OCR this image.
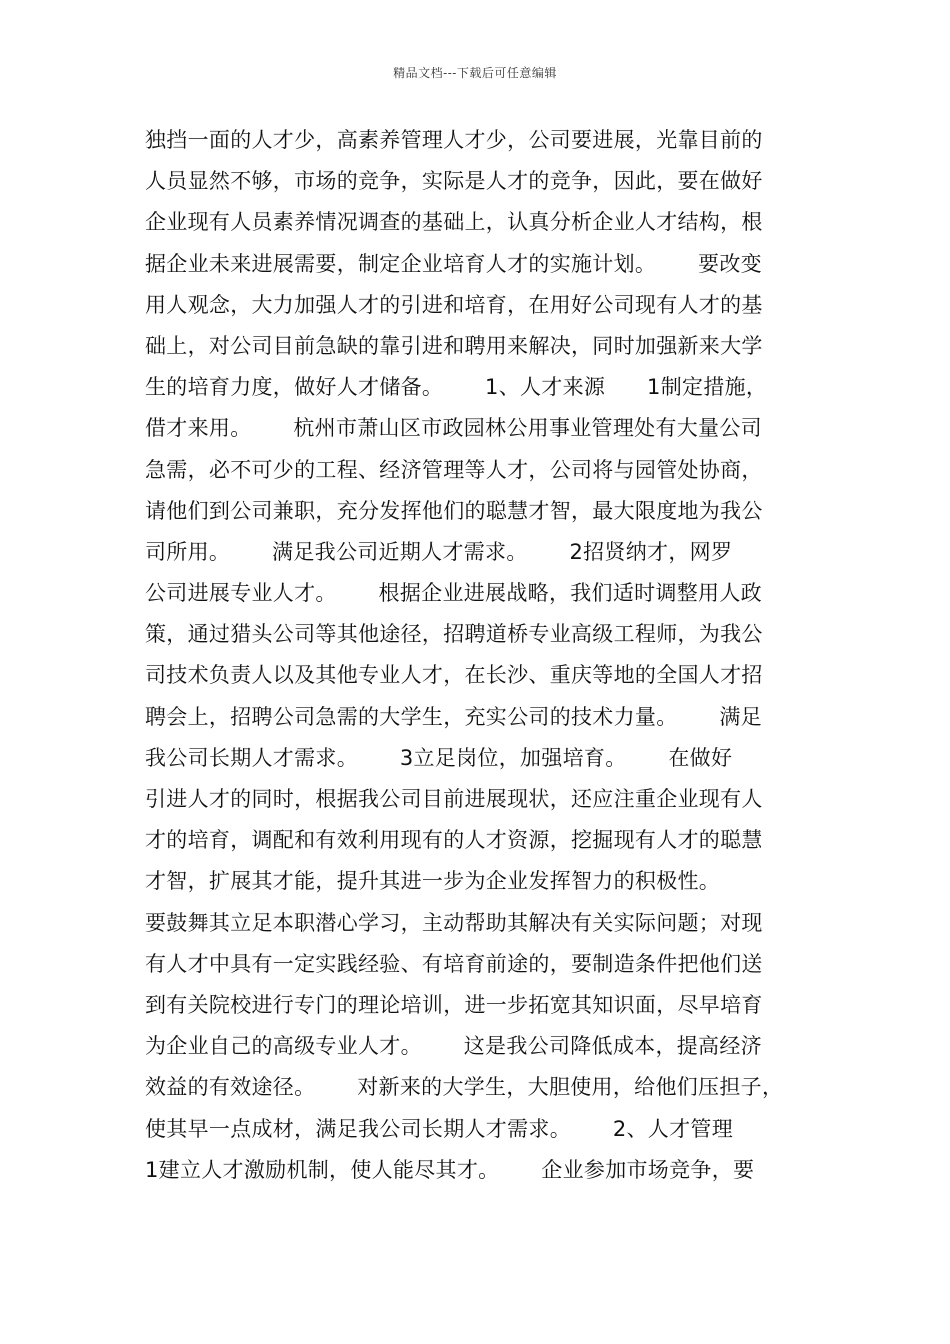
精品文档---下载后可任意编辑
独挡一面的人才少，高素养管理人才少，公司要进展，光靠目前的
人员显然不够，市场的竞争，实际是人才的竞争，因此，要在做好
企业现有人员素养情况调查的基础上，认真分析企业人才结构，根
据企业未来进展需要，制定企业培育人才的实施计划。      要改变
用人观念，大力加强人才的引进和培育，在用好公司现有人才的基
础上，对公司目前急缺的靠引进和聘用来解决，同时加强新来大学
生的培育力度，做好人才储备。      1、人才来源      1制定措施，
借才来用。      杭州市萧山区市政园林公用事业管理处有大量公司
急需，必不可少的工程、经济管理等人才，公司将与园管处协商，
请他们到公司兼职，充分发挥他们的聪慧才智，最大限度地为我公
司所用。      满足我公司近期人才需求。      2招贤纳才，网罗
公司进展专业人才。      根据企业进展战略，我们适时调整用人政
策，通过猎头公司等其他途径，招聘道桥专业高级工程师，为我公
司技术负责人以及其他专业人才，在长沙、重庆等地的全国人才招
聘会上，招聘公司急需的大学生，充实公司的技术力量。      满足
我公司长期人才需求。      3立足岗位，加强培育。      在做好
引进人才的同时，根据我公司目前进展现状，还应注重企业现有人
才的培育，调配和有效利用现有的人才资源，挖掘现有人才的聪慧
才智，扩展其才能，提升其进一步为企业发挥智力的积极性。
要鼓舞其立足本职潜心学习，主动帮助其解决有关实际问题；对现
有人才中具有一定实践经验、有培育前途的，要制造条件把他们送
到有关院校进行专门的理论培训，进一步拓宽其知识面，尽早培育
为企业自己的高级专业人才。      这是我公司降低成本，提高经济
效益的有效途径。      对新来的大学生，大胆使用，给他们压担子，
使其早一点成材，满足我公司长期人才需求。      2、人才管理
1建立人才激励机制，使人能尽其才。      企业参加市场竞争，要
